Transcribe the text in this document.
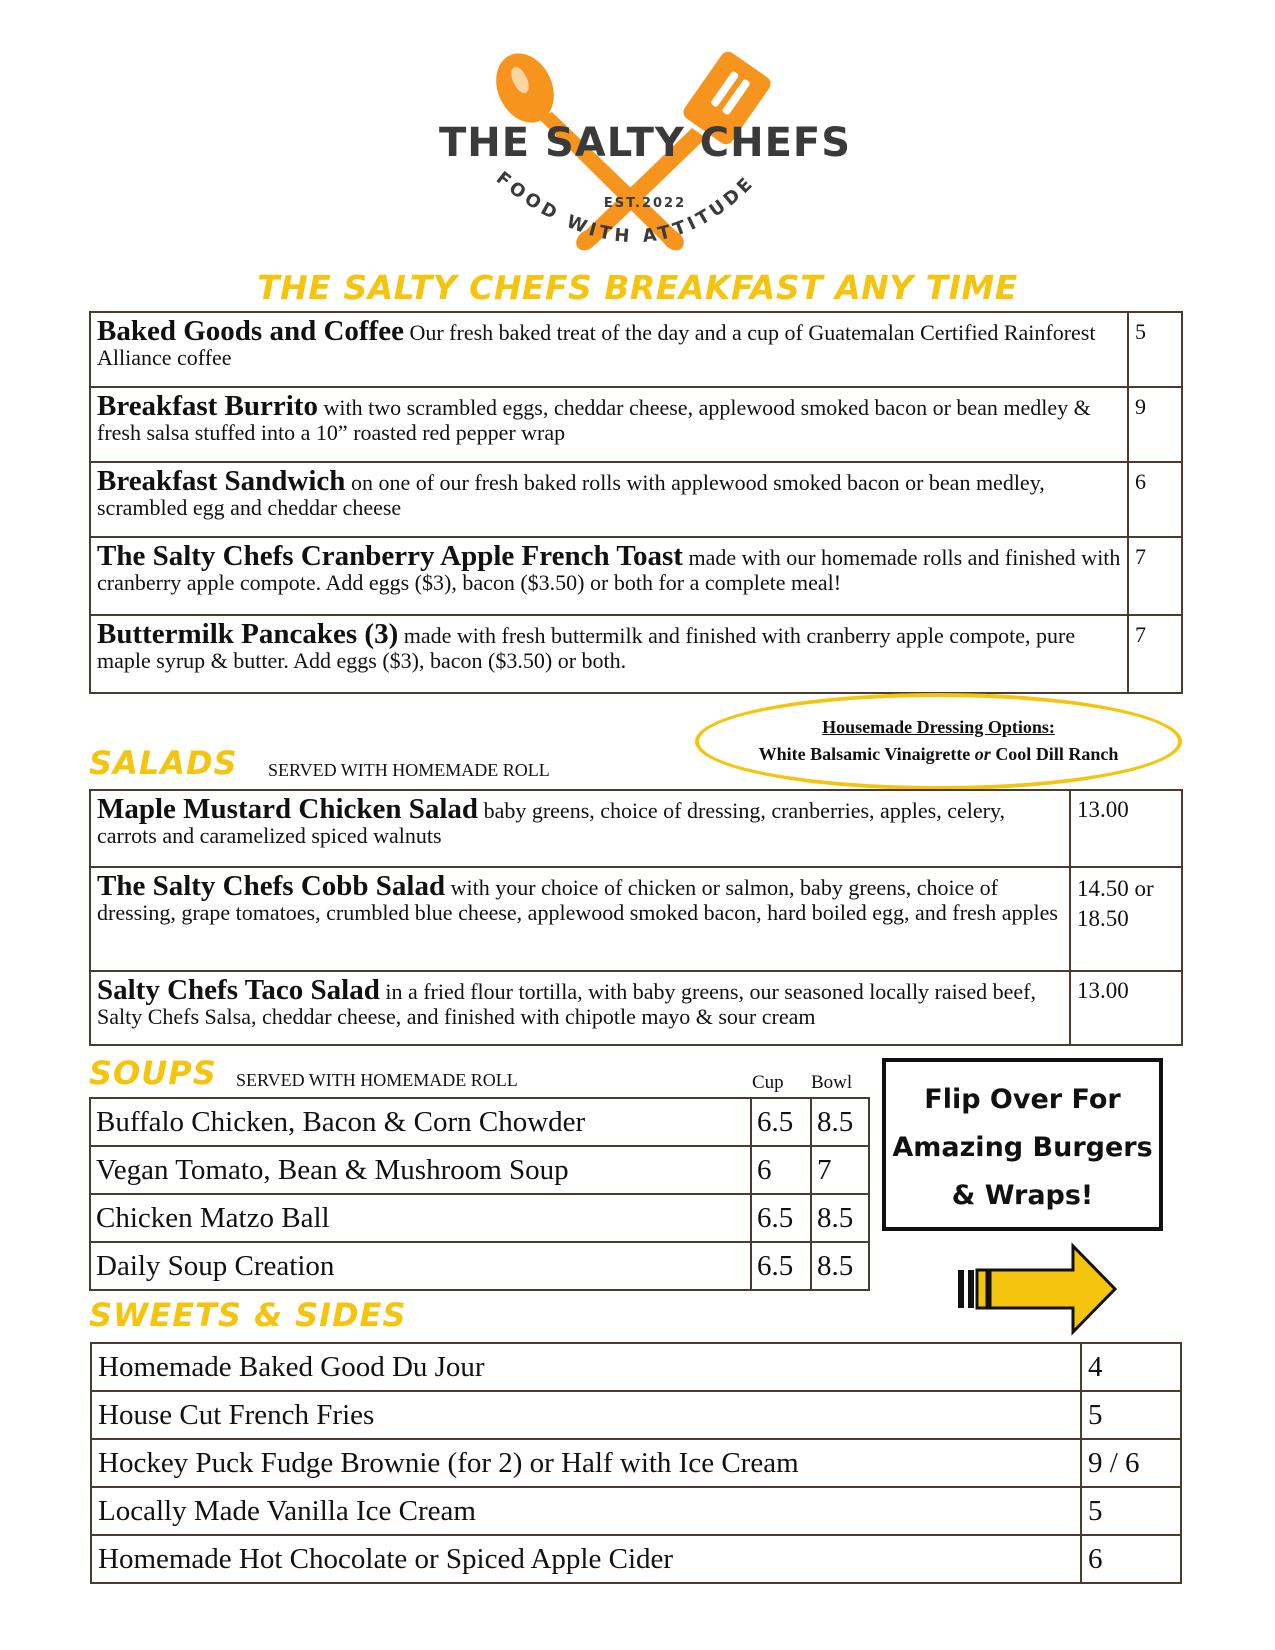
THE SALTY CHEFS
EST.2022
FOOD WITH ATTITUDE
THE SALTY CHEFS BREAKFAST ANY TIME
Baked Goods and Coffee Our fresh baked treat of the day and a cup of Guatemalan Certified Rainforest Alliance coffee	5
Breakfast Burrito with two scrambled eggs, cheddar cheese, applewood smoked bacon or bean medley & fresh salsa stuffed into a 10” roasted red pepper wrap	9
Breakfast Sandwich on one of our fresh baked rolls with applewood smoked bacon or bean medley, scrambled egg and cheddar cheese	6
The Salty Chefs Cranberry Apple French Toast made with our homemade rolls and finished with cranberry apple compote. Add eggs ($3), bacon ($3.50) or both for a complete meal!	7
Buttermilk Pancakes (3) made with fresh buttermilk and finished with cranberry apple compote, pure maple syrup & butter. Add eggs ($3), bacon ($3.50) or both.	7
Housemade Dressing Options:
White Balsamic Vinaigrette or Cool Dill Ranch
SALADS SERVED WITH HOMEMADE ROLL
Maple Mustard Chicken Salad baby greens, choice of dressing, cranberries, apples, celery, carrots and caramelized spiced walnuts	13.00
The Salty Chefs Cobb Salad with your choice of chicken or salmon, baby greens, choice of dressing, grape tomatoes, crumbled blue cheese, applewood smoked bacon, hard boiled egg, and fresh apples	14.50 or 18.50
Salty Chefs Taco Salad in a fried flour tortilla, with baby greens, our seasoned locally raised beef, Salty Chefs Salsa, cheddar cheese, and finished with chipotle mayo & sour cream	13.00
SOUPS SERVED WITH HOMEMADE ROLL	Cup Bowl
Buffalo Chicken, Bacon & Corn Chowder	6.5	8.5
Vegan Tomato, Bean & Mushroom Soup	6	7
Chicken Matzo Ball	6.5	8.5
Daily Soup Creation	6.5	8.5
Flip Over For
Amazing Burgers
& Wraps!
SWEETS & SIDES
Homemade Baked Good Du Jour	4
House Cut French Fries	5
Hockey Puck Fudge Brownie (for 2) or Half with Ice Cream	9 / 6
Locally Made Vanilla Ice Cream	5
Homemade Hot Chocolate or Spiced Apple Cider	6
